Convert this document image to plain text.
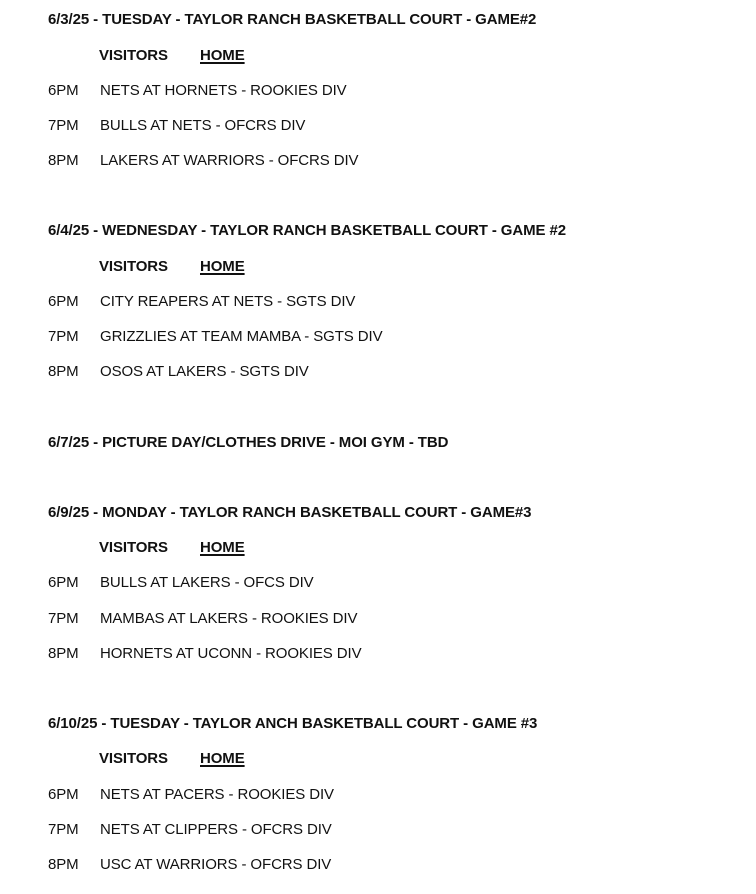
6/3/25 - TUESDAY - TAYLOR RANCH BASKETBALL COURT - GAME#2
VISITORS HOME
6PM NETS AT HORNETS - ROOKIES DIV
7PM BULLS AT NETS - OFCRS DIV
8PM LAKERS AT WARRIORS - OFCRS DIV
6/4/25 - WEDNESDAY - TAYLOR RANCH BASKETBALL COURT - GAME #2
VISITORS HOME
6PM CITY REAPERS AT NETS - SGTS DIV
7PM GRIZZLIES AT TEAM MAMBA - SGTS DIV
8PM OSOS AT LAKERS - SGTS DIV
6/7/25 - PICTURE DAY/CLOTHES DRIVE - MOI GYM - TBD
6/9/25 - MONDAY - TAYLOR RANCH BASKETBALL COURT - GAME#3
VISITORS HOME
6PM BULLS AT LAKERS - OFCS DIV
7PM MAMBAS AT LAKERS - ROOKIES DIV
8PM HORNETS AT UCONN - ROOKIES DIV
6/10/25 - TUESDAY - TAYLOR ANCH BASKETBALL COURT - GAME #3
VISITORS HOME
6PM NETS AT PACERS - ROOKIES DIV
7PM NETS AT CLIPPERS - OFCRS DIV
8PM USC AT WARRIORS - OFCRS DIV
